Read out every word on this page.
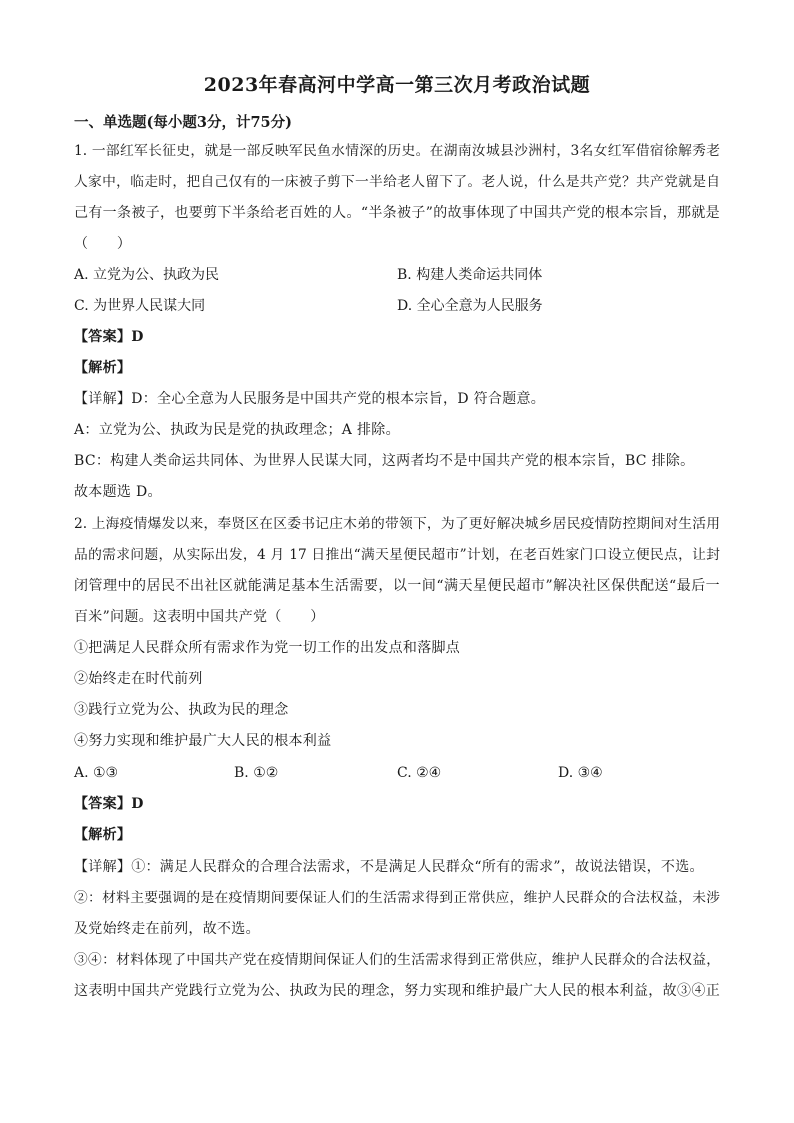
2023年春高河中学高一第三次月考政治试题
一、单选题(每小题3分，计75分)
1. 一部红军长征史，就是一部反映军民鱼水情深的历史。在湖南汝城县沙洲村，3名女红军借宿徐解秀老
人家中，临走时，把自己仅有的一床被子剪下一半给老人留下了。老人说，什么是共产党？共产党就是自
己有一条被子，也要剪下半条给老百姓的人。“半条被子”的故事体现了中国共产党的根本宗旨，那就是
（　　）
A. 立党为公、执政为民	B. 构建人类命运共同体
C. 为世界人民谋大同	D. 全心全意为人民服务
【答案】D
【解析】
【详解】D：全心全意为人民服务是中国共产党的根本宗旨，D 符合题意。
A：立党为公、执政为民是党的执政理念；A 排除。
BC：构建人类命运共同体、为世界人民谋大同，这两者均不是中国共产党的根本宗旨，BC 排除。
故本题选 D。
2. 上海疫情爆发以来，奉贤区在区委书记庄木弟的带领下，为了更好解决城乡居民疫情防控期间对生活用
品的需求问题，从实际出发，4 月 17 日推出“满天星便民超市”计划，在老百姓家门口设立便民点，让封
闭管理中的居民不出社区就能满足基本生活需要，以一间“满天星便民超市”解决社区保供配送“最后一
百米”问题。这表明中国共产党（　　）
①把满足人民群众所有需求作为党一切工作的出发点和落脚点
②始终走在时代前列
③践行立党为公、执政为民的理念
④努力实现和维护最广大人民的根本利益
A. ①③	B. ①②	C. ②④	D. ③④
【答案】D
【解析】
【详解】①：满足人民群众的合理合法需求，不是满足人民群众“所有的需求”，故说法错误，不选。
②：材料主要强调的是在疫情期间要保证人们的生活需求得到正常供应，维护人民群众的合法权益，未涉
及党始终走在前列，故不选。
③④：材料体现了中国共产党在疫情期间保证人们的生活需求得到正常供应，维护人民群众的合法权益，
这表明中国共产党践行立党为公、执政为民的理念，努力实现和维护最广大人民的根本利益，故③④正
